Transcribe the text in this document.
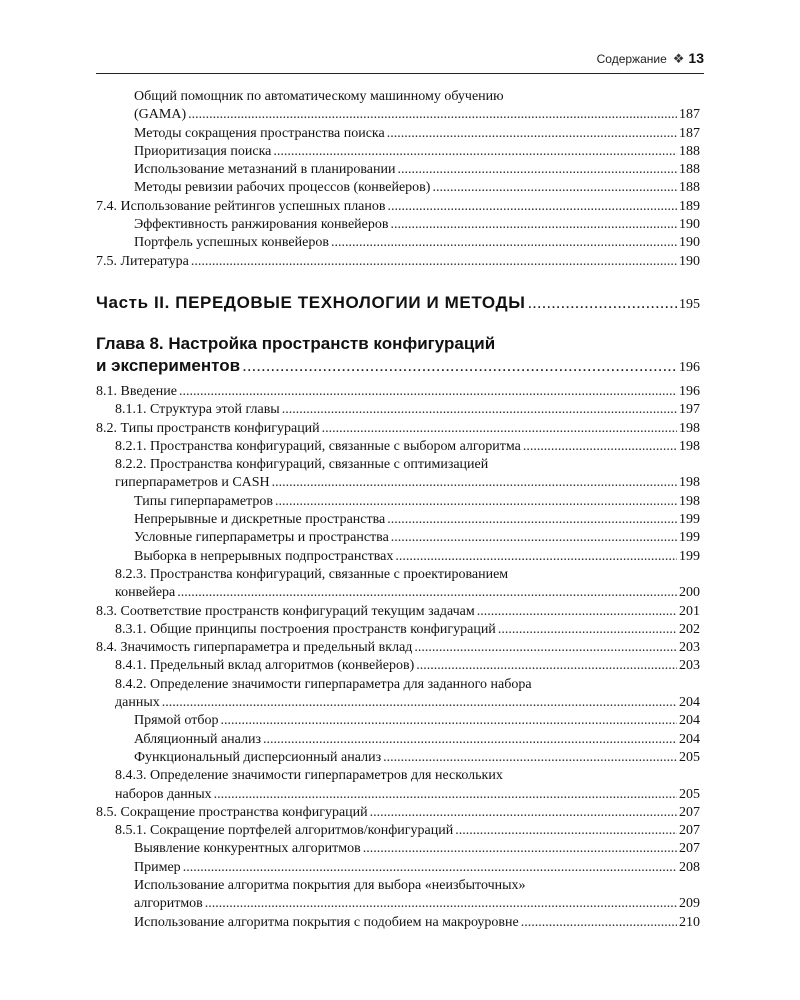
Содержание ❖ 13
Общий помощник по автоматическому машинному обучению
(GAMA) .....	187
Методы сокращения пространства поиска .....	187
Приоритизация поиска .....	188
Использование метазнаний в планировании .....	188
Методы ревизии рабочих процессов (конвейеров) .....	188
7.4. Использование рейтингов успешных планов .....	189
Эффективность ранжирования конвейеров .....	190
Портфель успешных конвейеров .....	190
7.5. Литература .....	190
Часть II. ПЕРЕДОВЫЕ ТЕХНОЛОГИИ И МЕТОДЫ .....	195
Глава 8. Настройка пространств конфигураций
и экспериментов .....	196
8.1. Введение .....	196
8.1.1. Структура этой главы .....	197
8.2. Типы пространств конфигураций .....	198
8.2.1. Пространства конфигураций, связанные с выбором алгоритма .....	198
8.2.2. Пространства конфигураций, связанные с оптимизацией
гиперпараметров и CASH .....	198
Типы гиперпараметров .....	198
Непрерывные и дискретные пространства .....	199
Условные гиперпараметры и пространства .....	199
Выборка в непрерывных подпространствах .....	199
8.2.3. Пространства конфигураций, связанные с проектированием
конвейера .....	200
8.3. Соответствие пространств конфигураций текущим задачам .....	201
8.3.1. Общие принципы построения пространств конфигураций .....	202
8.4. Значимость гиперпараметра и предельный вклад .....	203
8.4.1. Предельный вклад алгоритмов (конвейеров) .....	203
8.4.2. Определение значимости гиперпараметра для заданного набора
данных .....	204
Прямой отбор .....	204
Абляционный анализ .....	204
Функциональный дисперсионный анализ .....	205
8.4.3. Определение значимости гиперпараметров для нескольких
наборов данных .....	205
8.5. Сокращение пространства конфигураций .....	207
8.5.1. Сокращение портфелей алгоритмов/конфигураций .....	207
Выявление конкурентных алгоритмов .....	207
Пример .....	208
Использование алгоритма покрытия для выбора «неизбыточных»
алгоритмов .....	209
Использование алгоритма покрытия с подобием на макроуровне .....	210
